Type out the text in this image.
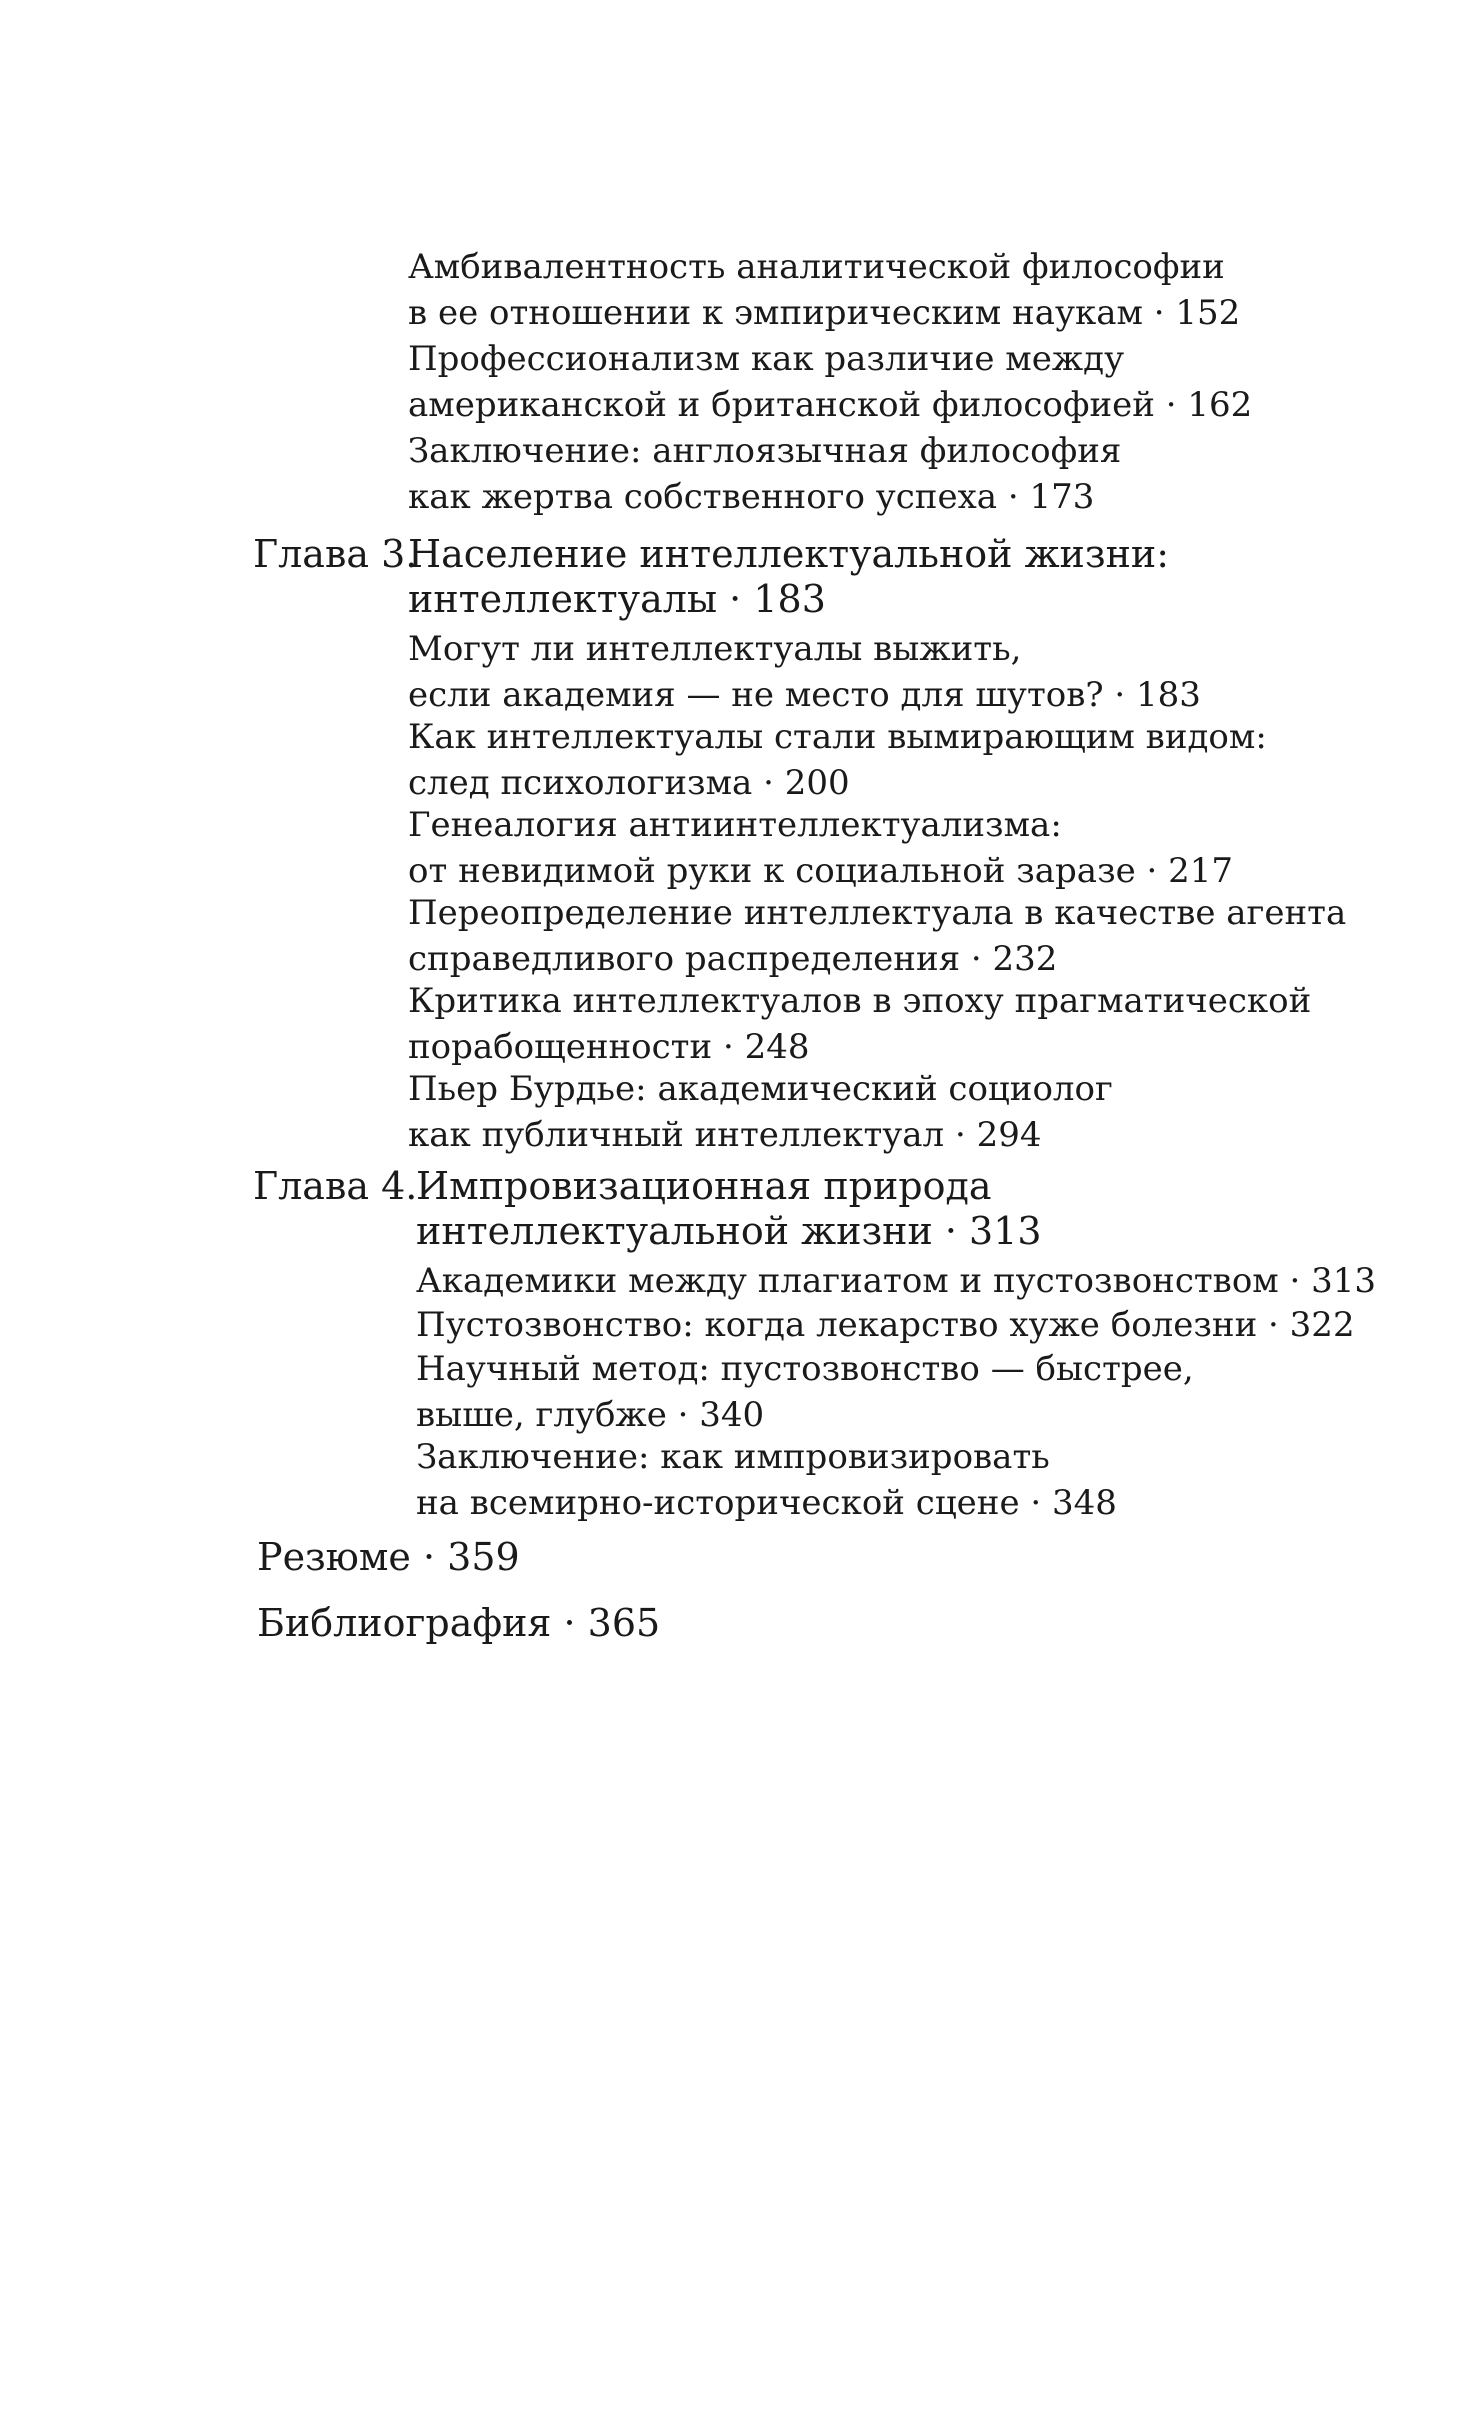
Амбивалентность аналитической философии
в ее отношении к эмпирическим наукам · 152
Профессионализм как различие между
американской и британской философией · 162
Заключение: англоязычная философия
как жертва собственного успеха · 173
Глава 3.
Население интеллектуальной жизни:
интеллектуалы · 183
Могут ли интеллектуалы выжить,
если академия — не место для шутов? · 183
Как интеллектуалы стали вымирающим видом:
след психологизма · 200
Генеалогия антиинтеллектуализма:
от невидимой руки к социальной заразе · 217
Переопределение интеллектуала в качестве агента
справедливого распределения · 232
Критика интеллектуалов в эпоху прагматической
порабощенности · 248
Пьер Бурдье: академический социолог
как публичный интеллектуал · 294
Глава 4.
Импровизационная природа
интеллектуальной жизни · 313
Академики между плагиатом и пустозвонством · 313
Пустозвонство: когда лекарство хуже болезни · 322
Научный метод: пустозвонство — быстрее,
выше, глубже · 340
Заключение: как импровизировать
на всемирно-исторической сцене · 348
Резюме · 359
Библиография · 365
